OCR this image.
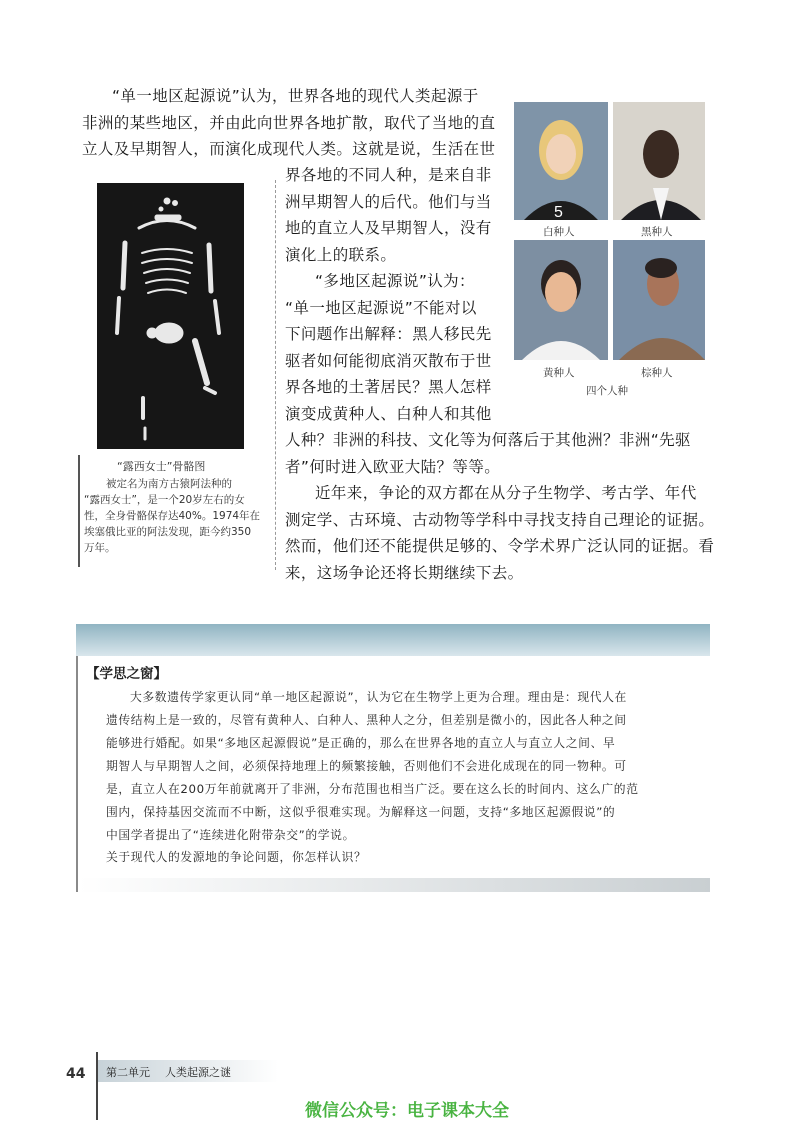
“单一地区起源说”认为，世界各地的现代人类起源于
非洲的某些地区，并由此向世界各地扩散，取代了当地的直
立人及早期智人，而演化成现代人类。这就是说，生活在世
界各地的不同人种，是来自非
洲早期智人的后代。他们与当
地的直立人及早期智人，没有
演化上的联系。
“多地区起源说”认为：
“单一地区起源说”不能对以
下问题作出解释：黑人移民先
驱者如何能彻底消灭散布于世
界各地的土著居民？黑人怎样
演变成黄种人、白种人和其他
人种？非洲的科技、文化等为何落后于其他洲？非洲“先驱
者”何时进入欧亚大陆？等等。
近年来，争论的双方都在从分子生物学、考古学、年代
测定学、古环境、古动物等学科中寻找支持自己理论的证据。
然而，他们还不能提供足够的、令学术界广泛认同的证据。看
来，这场争论还将长期继续下去。
“露西女士”骨骼图
被定名为南方古猿阿法种的
“露西女士”，是一个20岁左右的女
性，全身骨骼保存达40%。1974年在
埃塞俄比亚的阿法发现，距今约350
万年。
5
白种人	黑种人
黄种人	棕种人
四个人种
【学思之窗】
大多数遗传学家更认同“单一地区起源说”，认为它在生物学上更为合理。理由是：现代人在
遗传结构上是一致的，尽管有黄种人、白种人、黑种人之分，但差别是微小的，因此各人种之间
能够进行婚配。如果“多地区起源假说”是正确的，那么在世界各地的直立人与直立人之间、早
期智人与早期智人之间，必须保持地理上的频繁接触，否则他们不会进化成现在的同一物种。可
是，直立人在200万年前就离开了非洲，分布范围也相当广泛。要在这么长的时间内、这么广的范
围内，保持基因交流而不中断，这似乎很难实现。为解释这一问题，支持“多地区起源假说”的
中国学者提出了“连续进化附带杂交”的学说。
关于现代人的发源地的争论问题，你怎样认识？
44 第二单元 人类起源之谜
微信公众号：电子课本大全
